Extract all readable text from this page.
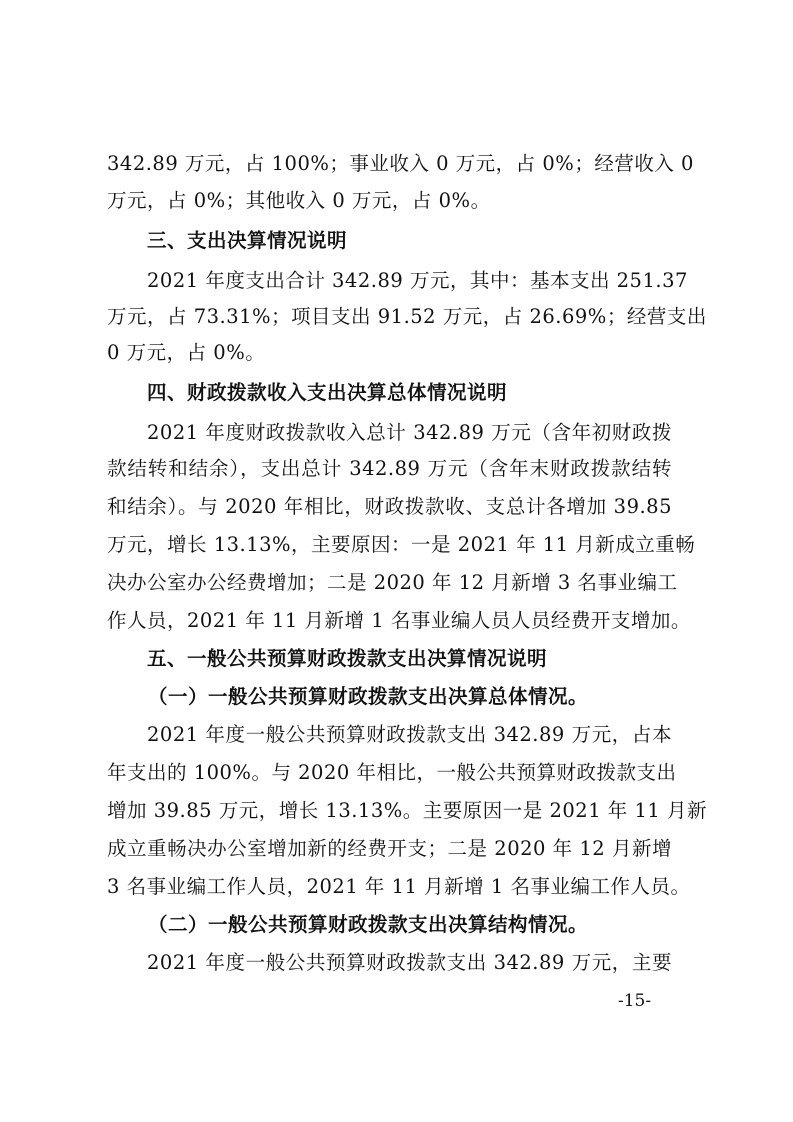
342.89 万元，占 100%；事业收入 0 万元，占 0%；经营收入 0
万元，占 0%；其他收入 0 万元，占 0%。
三、支出决算情况说明
2021 年度支出合计 342.89 万元，其中：基本支出 251.37
万元，占 73.31%；项目支出 91.52 万元，占 26.69%；经营支出
0 万元，占 0%。
四、财政拨款收入支出决算总体情况说明
2021 年度财政拨款收入总计 342.89 万元（含年初财政拨
款结转和结余），支出总计 342.89 万元（含年末财政拨款结转
和结余）。与 2020 年相比，财政拨款收、支总计各增加 39.85
万元，增长 13.13%，主要原因：一是 2021 年 11 月新成立重畅
决办公室办公经费增加；二是 2020 年 12 月新增 3 名事业编工
作人员，2021 年 11 月新增 1 名事业编人员人员经费开支增加。
五、一般公共预算财政拨款支出决算情况说明
（一）一般公共预算财政拨款支出决算总体情况。
2021 年度一般公共预算财政拨款支出 342.89 万元，占本
年支出的 100%。与 2020 年相比，一般公共预算财政拨款支出
增加 39.85 万元，增长 13.13%。主要原因一是 2021 年 11 月新
成立重畅决办公室增加新的经费开支；二是 2020 年 12 月新增
3 名事业编工作人员，2021 年 11 月新增 1 名事业编工作人员。
（二）一般公共预算财政拨款支出决算结构情况。
2021 年度一般公共预算财政拨款支出 342.89 万元，主要
-15-
